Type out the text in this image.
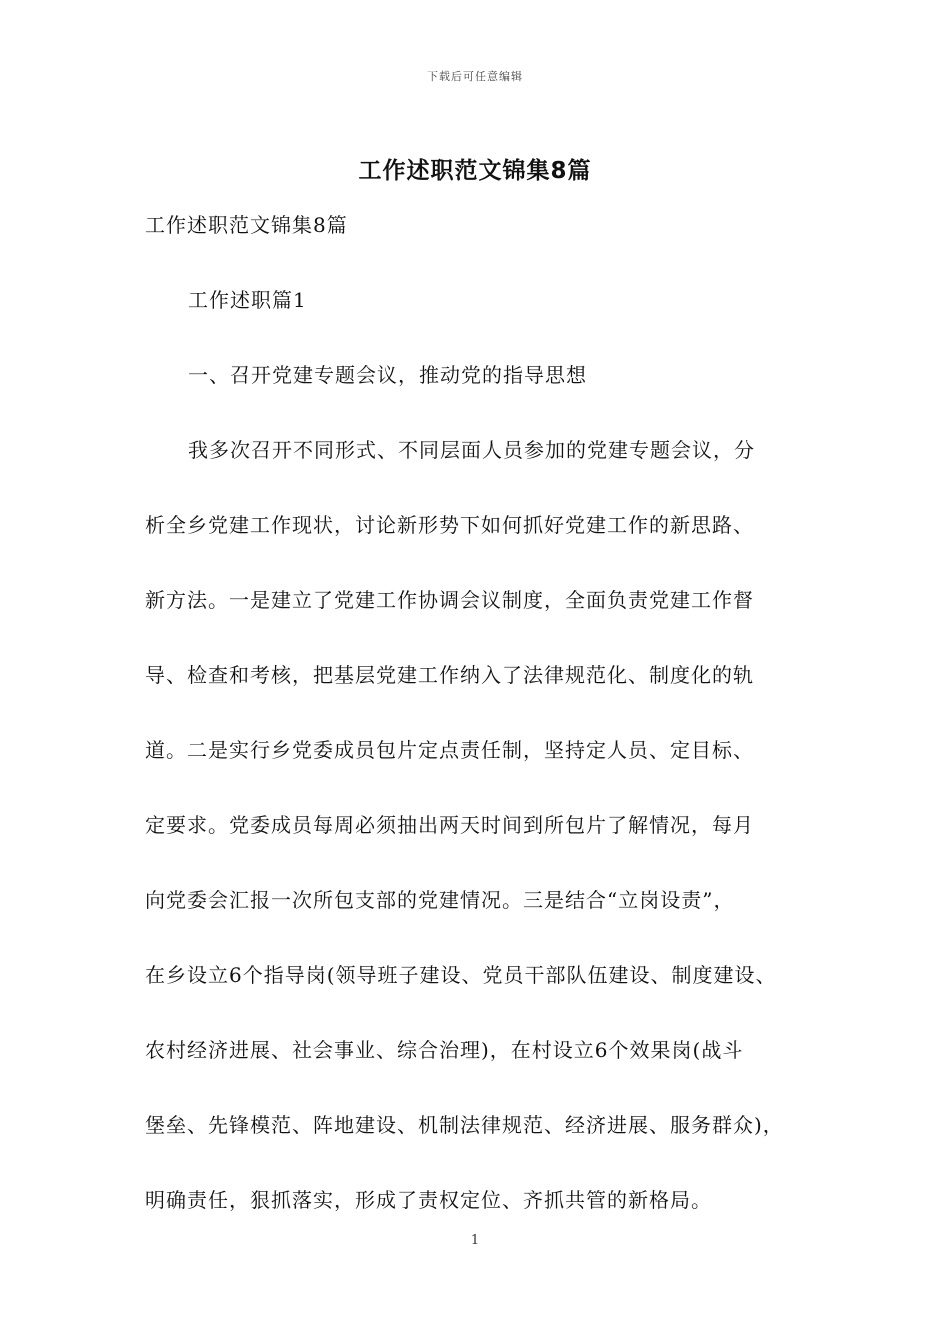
下载后可任意编辑
工作述职范文锦集8篇
工作述职范文锦集8篇
工作述职篇1
一、召开党建专题会议，推动党的指导思想
我多次召开不同形式、不同层面人员参加的党建专题会议，分
析全乡党建工作现状，讨论新形势下如何抓好党建工作的新思路、
新方法。一是建立了党建工作协调会议制度，全面负责党建工作督
导、检查和考核，把基层党建工作纳入了法律规范化、制度化的轨
道。二是实行乡党委成员包片定点责任制，坚持定人员、定目标、
定要求。党委成员每周必须抽出两天时间到所包片了解情况，每月
向党委会汇报一次所包支部的党建情况。三是结合“立岗设责”，
在乡设立6个指导岗(领导班子建设、党员干部队伍建设、制度建设、
农村经济进展、社会事业、综合治理)，在村设立6个效果岗(战斗
堡垒、先锋模范、阵地建设、机制法律规范、经济进展、服务群众)，
明确责任，狠抓落实，形成了责权定位、齐抓共管的新格局。
1
